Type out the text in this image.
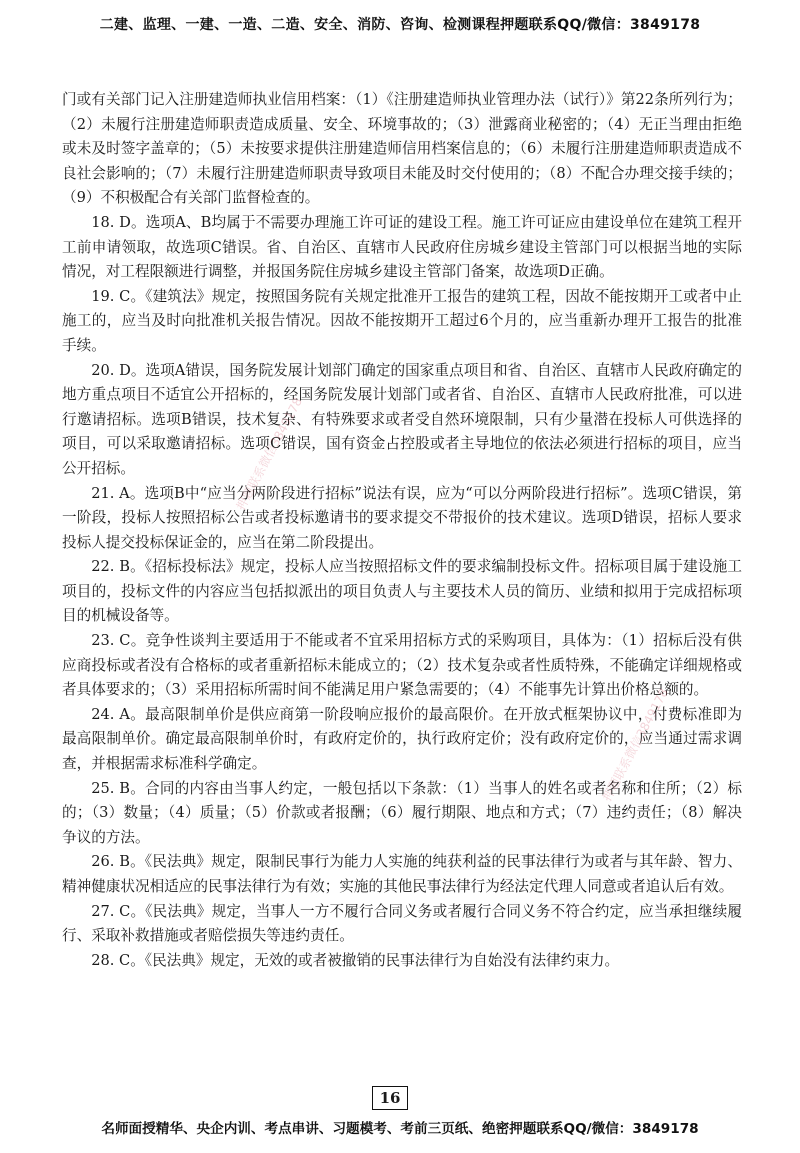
二建、监理、一建、一造、二造、安全、消防、咨询、检测课程押题联系QQ/微信：3849178

门或有关部门记入注册建造师执业信用档案：（1）《注册建造师执业管理办法（试行）》第22条所列行为；（2）未履行注册建造师职责造成质量、安全、环境事故的；（3）泄露商业秘密的；（4）无正当理由拒绝或未及时签字盖章的；（5）未按要求提供注册建造师信用档案信息的；（6）未履行注册建造师职责造成不良社会影响的；（7）未履行注册建造师职责导致项目未能及时交付使用的；（8）不配合办理交接手续的；（9）不积极配合有关部门监督检查的。

18. D。选项A、B均属于不需要办理施工许可证的建设工程。施工许可证应由建设单位在建筑工程开工前申请领取，故选项C错误。省、自治区、直辖市人民政府住房城乡建设主管部门可以根据当地的实际情况，对工程限额进行调整，并报国务院住房城乡建设主管部门备案，故选项D正确。

19. C。《建筑法》规定，按照国务院有关规定批准开工报告的建筑工程，因故不能按期开工或者中止施工的，应当及时向批准机关报告情况。因故不能按期开工超过6个月的，应当重新办理开工报告的批准手续。

20. D。选项A错误，国务院发展计划部门确定的国家重点项目和省、自治区、直辖市人民政府确定的地方重点项目不适宜公开招标的，经国务院发展计划部门或者省、自治区、直辖市人民政府批准，可以进行邀请招标。选项B错误，技术复杂、有特殊要求或者受自然环境限制，只有少量潜在投标人可供选择的项目，可以采取邀请招标。选项C错误，国有资金占控股或者主导地位的依法必须进行招标的项目，应当公开招标。

21. A。选项B中“应当分两阶段进行招标”说法有误，应为“可以分两阶段进行招标”。选项C错误，第一阶段，投标人按照招标公告或者投标邀请书的要求提交不带报价的技术建议。选项D错误，招标人要求投标人提交投标保证金的，应当在第二阶段提出。

22. B。《招标投标法》规定，投标人应当按照招标文件的要求编制投标文件。招标项目属于建设施工项目的，投标文件的内容应当包括拟派出的项目负责人与主要技术人员的简历、业绩和拟用于完成招标项目的机械设备等。

23. C。竞争性谈判主要适用于不能或者不宜采用招标方式的采购项目，具体为：（1）招标后没有供应商投标或者没有合格标的或者重新招标未能成立的；（2）技术复杂或者性质特殊，不能确定详细规格或者具体要求的；（3）采用招标所需时间不能满足用户紧急需要的；（4）不能事先计算出价格总额的。

24. A。最高限制单价是供应商第一阶段响应报价的最高限价。在开放式框架协议中，付费标准即为最高限制单价。确定最高限制单价时，有政府定价的，执行政府定价；没有政府定价的，应当通过需求调查，并根据需求标准科学确定。

25. B。合同的内容由当事人约定，一般包括以下条款：（1）当事人的姓名或者名称和住所；（2）标的；（3）数量；（4）质量；（5）价款或者报酬；（6）履行期限、地点和方式；（7）违约责任；（8）解决争议的方法。

26. B。《民法典》规定，限制民事行为能力人实施的纯获利益的民事法律行为或者与其年龄、智力、精神健康状况相适应的民事法律行为有效；实施的其他民事法律行为经法定代理人同意或者追认后有效。

27. C。《民法典》规定，当事人一方不履行合同义务或者履行合同义务不符合约定，应当承担继续履行、采取补救措施或者赔偿损失等违约责任。

28. C。《民法典》规定，无效的或者被撤销的民事法律行为自始没有法律约束力。

押题联系微信3849178
押题联系微信3849178
16
名师面授精华、央企内训、考点串讲、习题模考、考前三页纸、绝密押题联系QQ/微信：3849178
